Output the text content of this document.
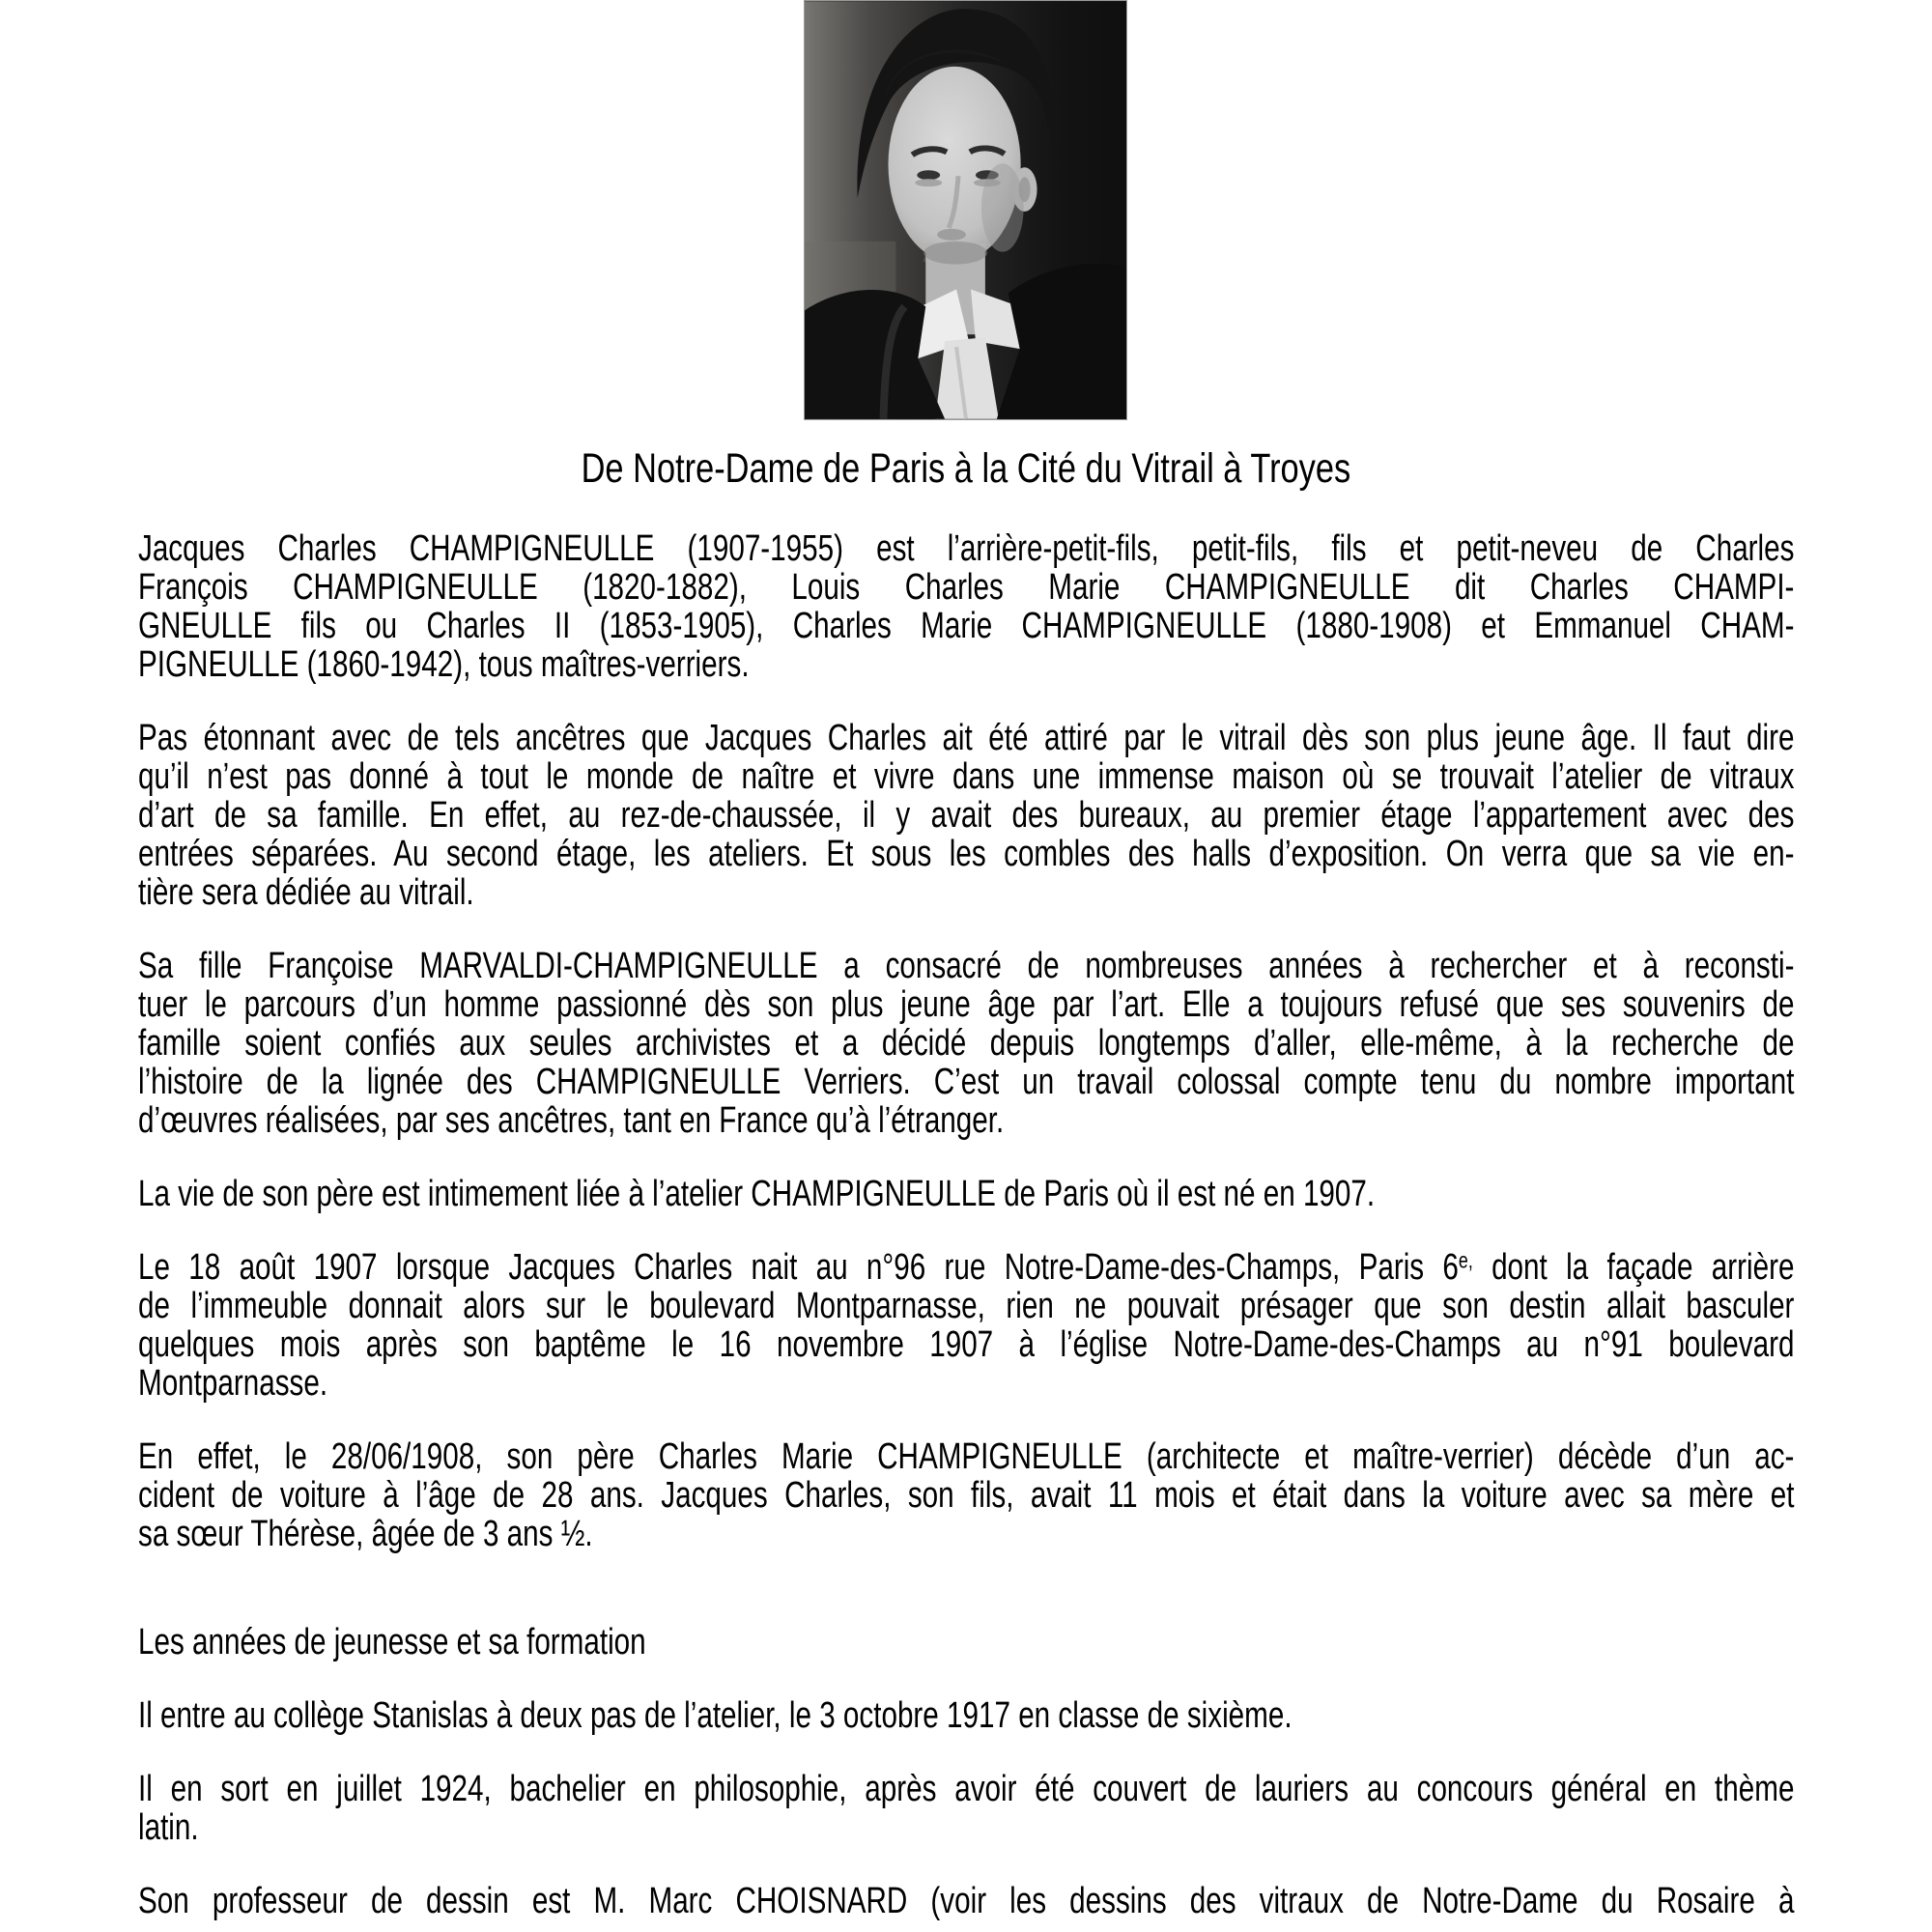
De Notre-Dame de Paris à la Cité du Vitrail à Troyes
Jacques Charles CHAMPIGNEULLE (1907-1955) est l’arrière-petit-fils, petit-fils, fils et petit-neveu de Charles
François CHAMPIGNEULLE (1820-1882), Louis Charles Marie CHAMPIGNEULLE dit Charles CHAMPI-
GNEULLE fils ou Charles II (1853-1905), Charles Marie CHAMPIGNEULLE (1880-1908) et Emmanuel CHAM-
PIGNEULLE (1860-1942), tous maîtres-verriers.
Pas étonnant avec de tels ancêtres que Jacques Charles ait été attiré par le vitrail dès son plus jeune âge. Il faut dire
qu’il n’est pas donné à tout le monde de naître et vivre dans une immense maison où se trouvait l’atelier de vitraux
d’art de sa famille. En effet, au rez-de-chaussée, il y avait des bureaux, au premier étage l’appartement avec des
entrées séparées. Au second étage, les ateliers. Et sous les combles des halls d’exposition. On verra que sa vie en-
tière sera dédiée au vitrail.
Sa fille Françoise MARVALDI-CHAMPIGNEULLE a consacré de nombreuses années à rechercher et à reconsti-
tuer le parcours d’un homme passionné dès son plus jeune âge par l’art. Elle a toujours refusé que ses souvenirs de
famille soient confiés aux seules archivistes et a décidé depuis longtemps d’aller, elle-même, à la recherche de
l’histoire de la lignée des CHAMPIGNEULLE Verriers. C’est un travail colossal compte tenu du nombre important
d’œuvres réalisées, par ses ancêtres, tant en France qu’à l’étranger.
La vie de son père est intimement liée à l’atelier CHAMPIGNEULLE de Paris où il est né en 1907.
Le 18 août 1907 lorsque Jacques Charles nait au n°96 rue Notre-Dame-des-Champs, Paris $6^{e,}$ dont la façade arrière
de l’immeuble donnait alors sur le boulevard Montparnasse, rien ne pouvait présager que son destin allait basculer
quelques mois après son baptême le 16 novembre 1907 à l’église Notre-Dame-des-Champs au n°91 boulevard
Montparnasse.
En effet, le 28/06/1908, son père Charles Marie CHAMPIGNEULLE (architecte et maître-verrier) décède d’un ac-
cident de voiture à l’âge de 28 ans. Jacques Charles, son fils, avait 11 mois et était dans la voiture avec sa mère et
sa sœur Thérèse, âgée de 3 ans ½.
Les années de jeunesse et sa formation
Il entre au collège Stanislas à deux pas de l’atelier, le 3 octobre 1917 en classe de sixième.
Il en sort en juillet 1924, bachelier en philosophie, après avoir été couvert de lauriers au concours général en thème
latin.
Son professeur de dessin est M. Marc CHOISNARD (voir les dessins des vitraux de Notre-Dame du Rosaire à
